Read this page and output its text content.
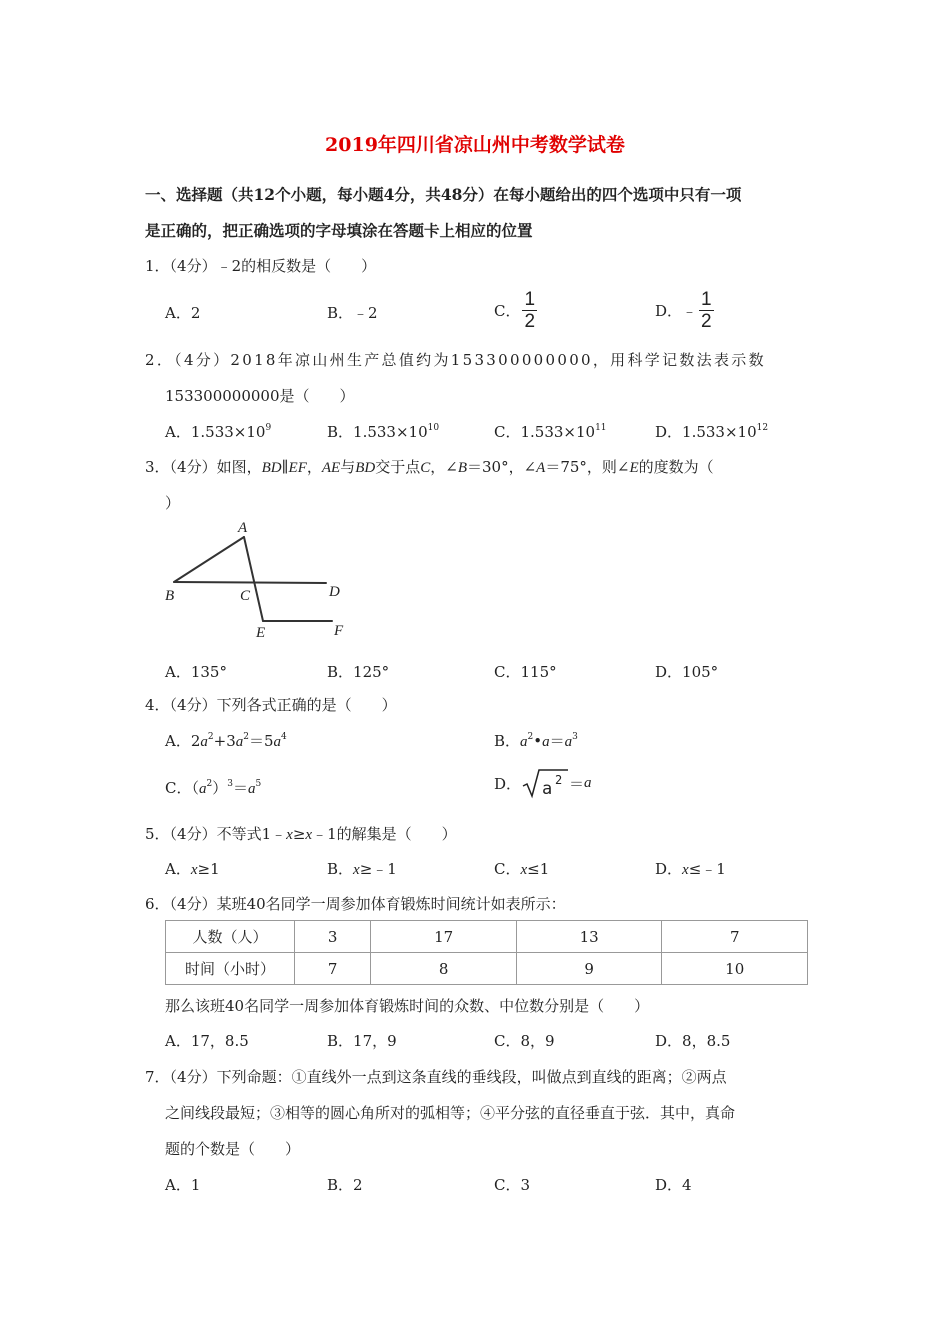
2019年四川省凉山州中考数学试卷
一、选择题（共12个小题，每小题4分，共48分）在每小题给出的四个选项中只有一项
是正确的，把正确选项的字母填涂在答题卡上相应的位置
1．（4分）﹣2的相反数是（　　）
A．2	B．﹣2	C． $\frac{1}{2}$	D．﹣ $\frac{1}{2}$
2．（4分）2018年凉山州生产总值约为153300000000，用科学记数法表示数
153300000000是（　　）
A．$1.533\times 10^9$	B．$1.533\times 10^{10}$	C．$1.533\times 10^{11}$	D．$1.533\times 10^{12}$
3．（4分）如图，BD∥EF，AE与BD交于点C，∠B＝30°，∠A＝75°，则∠E的度数为（
）
A
B	C	D
E	F
A．135°	B．125°	C．115°	D．105°
4．（4分）下列各式正确的是（　　）
A．$2a^2+3a^2=5a^4$	B．$a^2•a=a^3$
C．$(a^2)^3=a^5$	D． a 2 ＝a
5．（4分）不等式1﹣x≥x﹣1的解集是（　　）
A．x≥1	B．x≥﹣1	C．x≤1	D．x≤﹣1
6．（4分）某班40名同学一周参加体育锻炼时间统计如表所示：
人数（人）	3	17	13	7
时间（小时）	7	8	9	10
那么该班40名同学一周参加体育锻炼时间的众数、中位数分别是（　　）
A．17，8.5	B．17，9	C．8，9	D．8，8.5
7．（4分）下列命题：①直线外一点到这条直线的垂线段，叫做点到直线的距离；②两点
之间线段最短；③相等的圆心角所对的弧相等；④平分弦的直径垂直于弦．其中，真命
题的个数是（　　）
A．1	B．2	C．3	D．4
